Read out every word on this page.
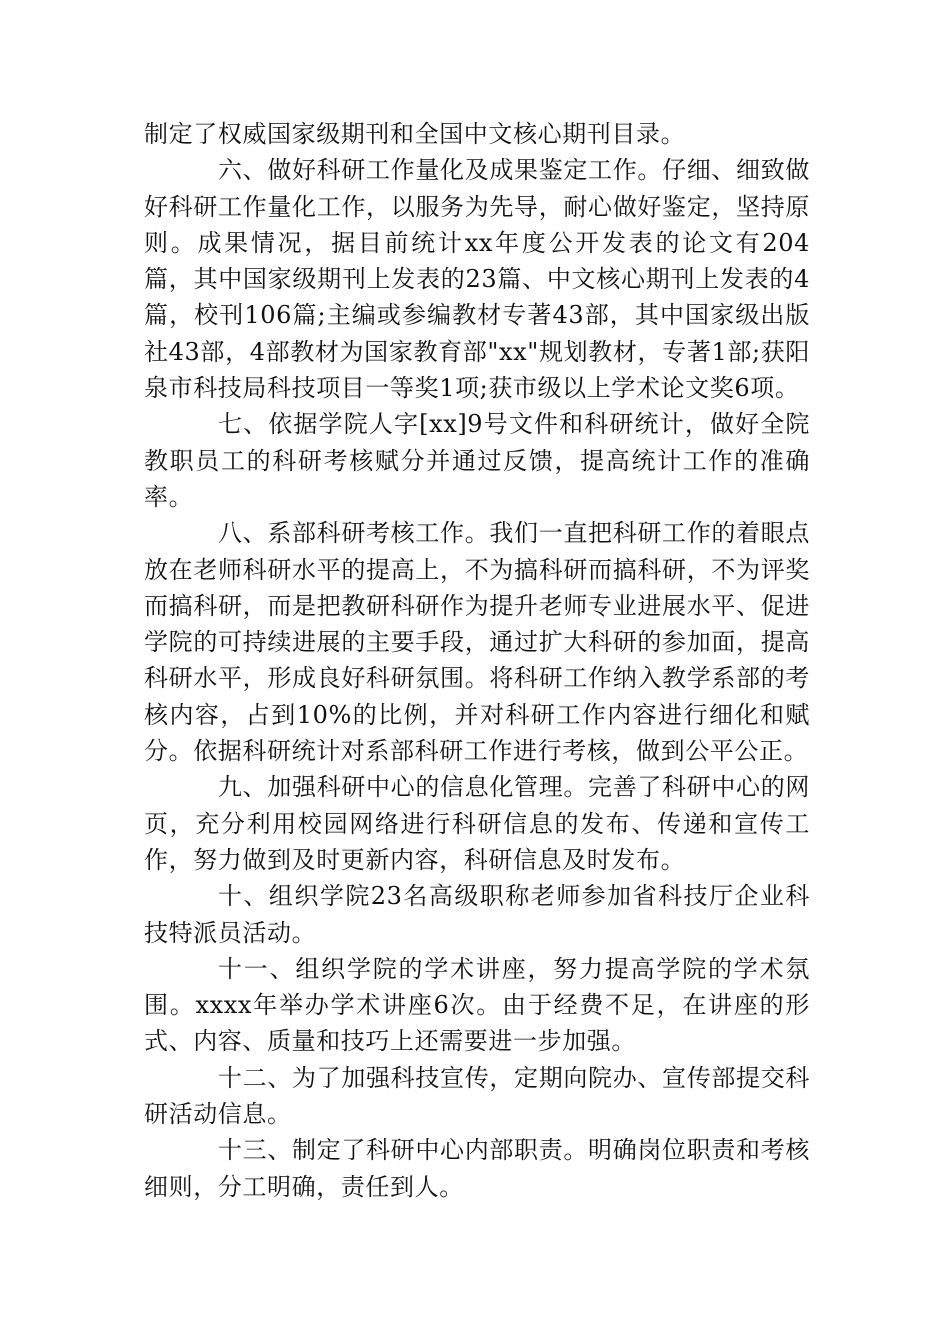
制定了权威国家级期刊和全国中文核心期刊目录。

六、做好科研工作量化及成果鉴定工作。仔细、细致做好科研工作量化工作，以服务为先导，耐心做好鉴定，坚持原则。成果情况，据目前统计xx年度公开发表的论文有204篇，其中国家级期刊上发表的23篇、中文核心期刊上发表的4篇，校刊106篇;主编或参编教材专著43部，其中国家级出版社43部，4部教材为国家教育部"xx"规划教材，专著1部;获阳泉市科技局科技项目一等奖1项;获市级以上学术论文奖6项。

七、依据学院人字[xx]9号文件和科研统计，做好全院教职员工的科研考核赋分并通过反馈，提高统计工作的准确率。

八、系部科研考核工作。我们一直把科研工作的着眼点放在老师科研水平的提高上，不为搞科研而搞科研，不为评奖而搞科研，而是把教研科研作为提升老师专业进展水平、促进学院的可持续进展的主要手段，通过扩大科研的参加面，提高科研水平，形成良好科研氛围。将科研工作纳入教学系部的考核内容，占到10%的比例，并对科研工作内容进行细化和赋分。依据科研统计对系部科研工作进行考核，做到公平公正。

九、加强科研中心的信息化管理。完善了科研中心的网页，充分利用校园网络进行科研信息的发布、传递和宣传工作，努力做到及时更新内容，科研信息及时发布。

十、组织学院23名高级职称老师参加省科技厅企业科技特派员活动。

十一、组织学院的学术讲座，努力提高学院的学术氛围。xxxx年举办学术讲座6次。由于经费不足，在讲座的形式、内容、质量和技巧上还需要进一步加强。

十二、为了加强科技宣传，定期向院办、宣传部提交科研活动信息。

十三、制定了科研中心内部职责。明确岗位职责和考核细则，分工明确，责任到人。
